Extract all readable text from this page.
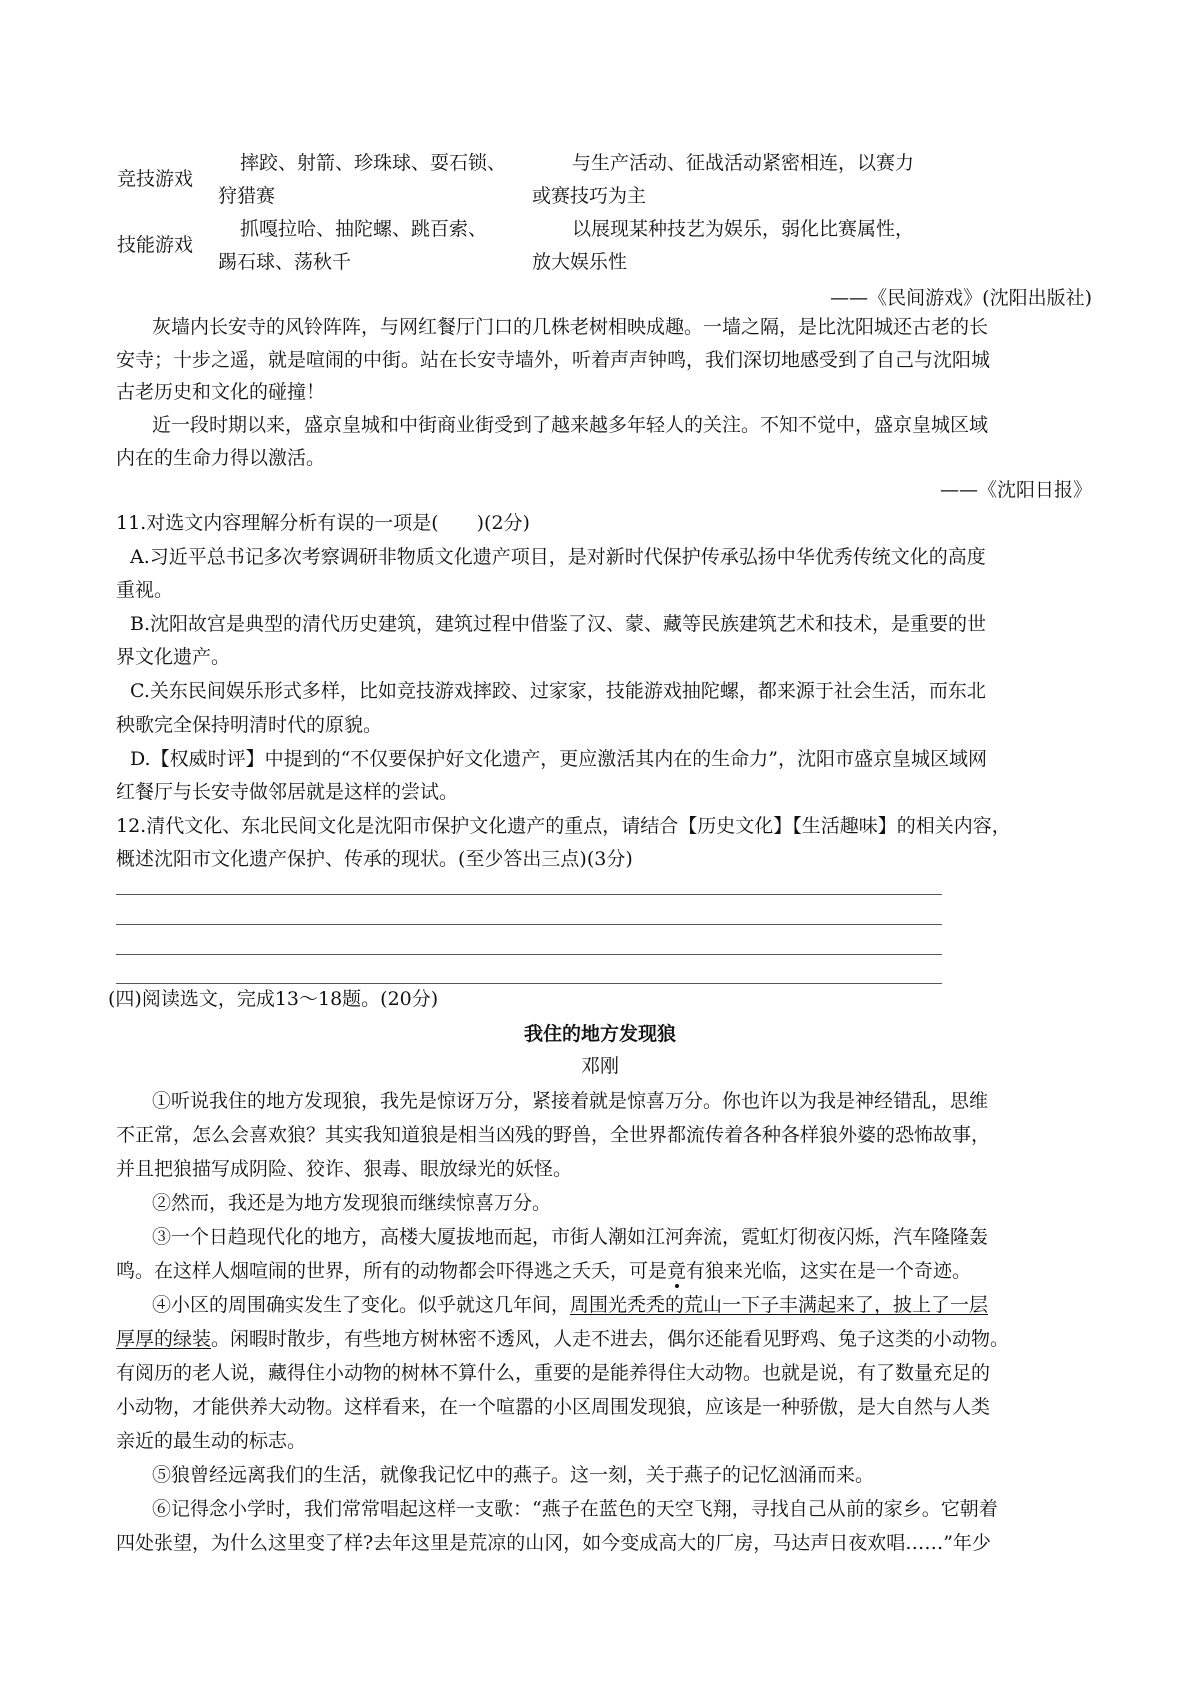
竞技游戏
摔跤、射箭、珍珠球、耍石锁、
狩猎赛
与生产活动、征战活动紧密相连，以赛力
或赛技巧为主
技能游戏
抓嘎拉哈、抽陀螺、跳百索、
踢石球、荡秋千
以展现某种技艺为娱乐，弱化比赛属性，
放大娱乐性
——《民间游戏》(沈阳出版社)
灰墙内长安寺的风铃阵阵，与网红餐厅门口的几株老树相映成趣。一墙之隔，是比沈阳城还古老的长
安寺；十步之遥，就是喧闹的中街。站在长安寺墙外，听着声声钟鸣，我们深切地感受到了自己与沈阳城
古老历史和文化的碰撞！
近一段时期以来，盛京皇城和中街商业街受到了越来越多年轻人的关注。不知不觉中，盛京皇城区域
内在的生命力得以激活。
——《沈阳日报》
11.对选文内容理解分析有误的一项是(　　)(2分)
A.习近平总书记多次考察调研非物质文化遗产项目，是对新时代保护传承弘扬中华优秀传统文化的高度
重视。
B.沈阳故宫是典型的清代历史建筑，建筑过程中借鉴了汉、蒙、藏等民族建筑艺术和技术，是重要的世
界文化遗产。
C.关东民间娱乐形式多样，比如竞技游戏摔跤、过家家，技能游戏抽陀螺，都来源于社会生活，而东北
秧歌完全保持明清时代的原貌。
D.【权威时评】中提到的“不仅要保护好文化遗产，更应激活其内在的生命力”，沈阳市盛京皇城区域网
红餐厅与长安寺做邻居就是这样的尝试。
12.清代文化、东北民间文化是沈阳市保护文化遗产的重点，请结合【历史文化】【生活趣味】的相关内容，
概述沈阳市文化遗产保护、传承的现状。(至少答出三点)(3分)
(四)阅读选文，完成13～18题。(20分)
我住的地方发现狼
邓刚
①听说我住的地方发现狼，我先是惊讶万分，紧接着就是惊喜万分。你也许以为我是神经错乱，思维
不正常，怎么会喜欢狼？其实我知道狼是相当凶残的野兽，全世界都流传着各种各样狼外婆的恐怖故事，
并且把狼描写成阴险、狡诈、狠毒、眼放绿光的妖怪。
②然而，我还是为地方发现狼而继续惊喜万分。
③一个日趋现代化的地方，高楼大厦拔地而起，市街人潮如江河奔流，霓虹灯彻夜闪烁，汽车隆隆轰
鸣。在这样人烟喧闹的世界，所有的动物都会吓得逃之夭夭，可是竟有狼来光临，这实在是一个奇迹。
④小区的周围确实发生了变化。似乎就这几年间，周围光秃秃的荒山一下子丰满起来了，披上了一层
厚厚的绿装。闲暇时散步，有些地方树林密不透风，人走不进去，偶尔还能看见野鸡、兔子这类的小动物。
有阅历的老人说，藏得住小动物的树林不算什么，重要的是能养得住大动物。也就是说，有了数量充足的
小动物，才能供养大动物。这样看来，在一个喧嚣的小区周围发现狼，应该是一种骄傲，是大自然与人类
亲近的最生动的标志。
⑤狼曾经远离我们的生活，就像我记忆中的燕子。这一刻，关于燕子的记忆汹涌而来。
⑥记得念小学时，我们常常唱起这样一支歌：“燕子在蓝色的天空飞翔，寻找自己从前的家乡。它朝着
四处张望，为什么这里变了样?去年这里是荒凉的山冈，如今变成高大的厂房，马达声日夜欢唱……”年少
